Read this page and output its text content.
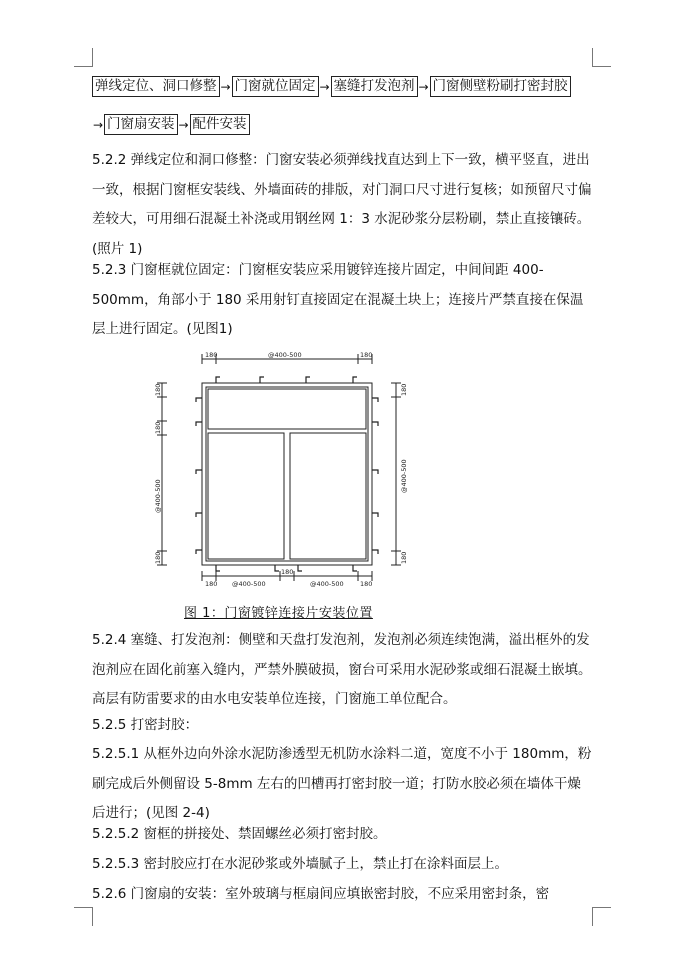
弹线定位、洞口修整 → 门窗就位固定 → 塞缝打发泡剂 → 门窗侧壁粉刷打密封胶
→ 门窗扇安装 → 配件安装

5.2.2 弹线定位和洞口修整：门窗安装必须弹线找直达到上下一致，横平竖直，进出一致，根据门窗框安装线、外墙面砖的排版，对门洞口尺寸进行复核；如预留尺寸偏差较大，可用细石混凝土补浇或用钢丝网 1：3 水泥砂浆分层粉刷，禁止直接镶砖。(照片 1)

5.2.3 门窗框就位固定：门窗框安装应采用镀锌连接片固定，中间间距 400-500mm，角部小于 180 采用射钉直接固定在混凝土块上；连接片严禁直接在保温层上进行固定。(见图1)

180	@400-500	180
180 @400-500
180
@400-500	180
180
180
@400-500
180
180
@400-500
180
图 1：门窗镀锌连接片安装位置

5.2.4 塞缝、打发泡剂：侧壁和天盘打发泡剂，发泡剂必须连续饱满，溢出框外的发泡剂应在固化前塞入缝内，严禁外膜破损，窗台可采用水泥砂浆或细石混凝土嵌填。高层有防雷要求的由水电安装单位连接，门窗施工单位配合。

5.2.5 打密封胶：

5.2.5.1 从框外边向外涂水泥防渗透型无机防水涂料二道，宽度不小于 180mm，粉刷完成后外侧留设 5-8mm 左右的凹槽再打密封胶一道；打防水胶必须在墙体干燥后进行；(见图 2-4)

5.2.5.2 窗框的拼接处、禁固螺丝必须打密封胶。

5.2.5.3 密封胶应打在水泥砂浆或外墙腻子上，禁止打在涂料面层上。

5.2.6 门窗扇的安装：室外玻璃与框扇间应填嵌密封胶，不应采用密封条，密
